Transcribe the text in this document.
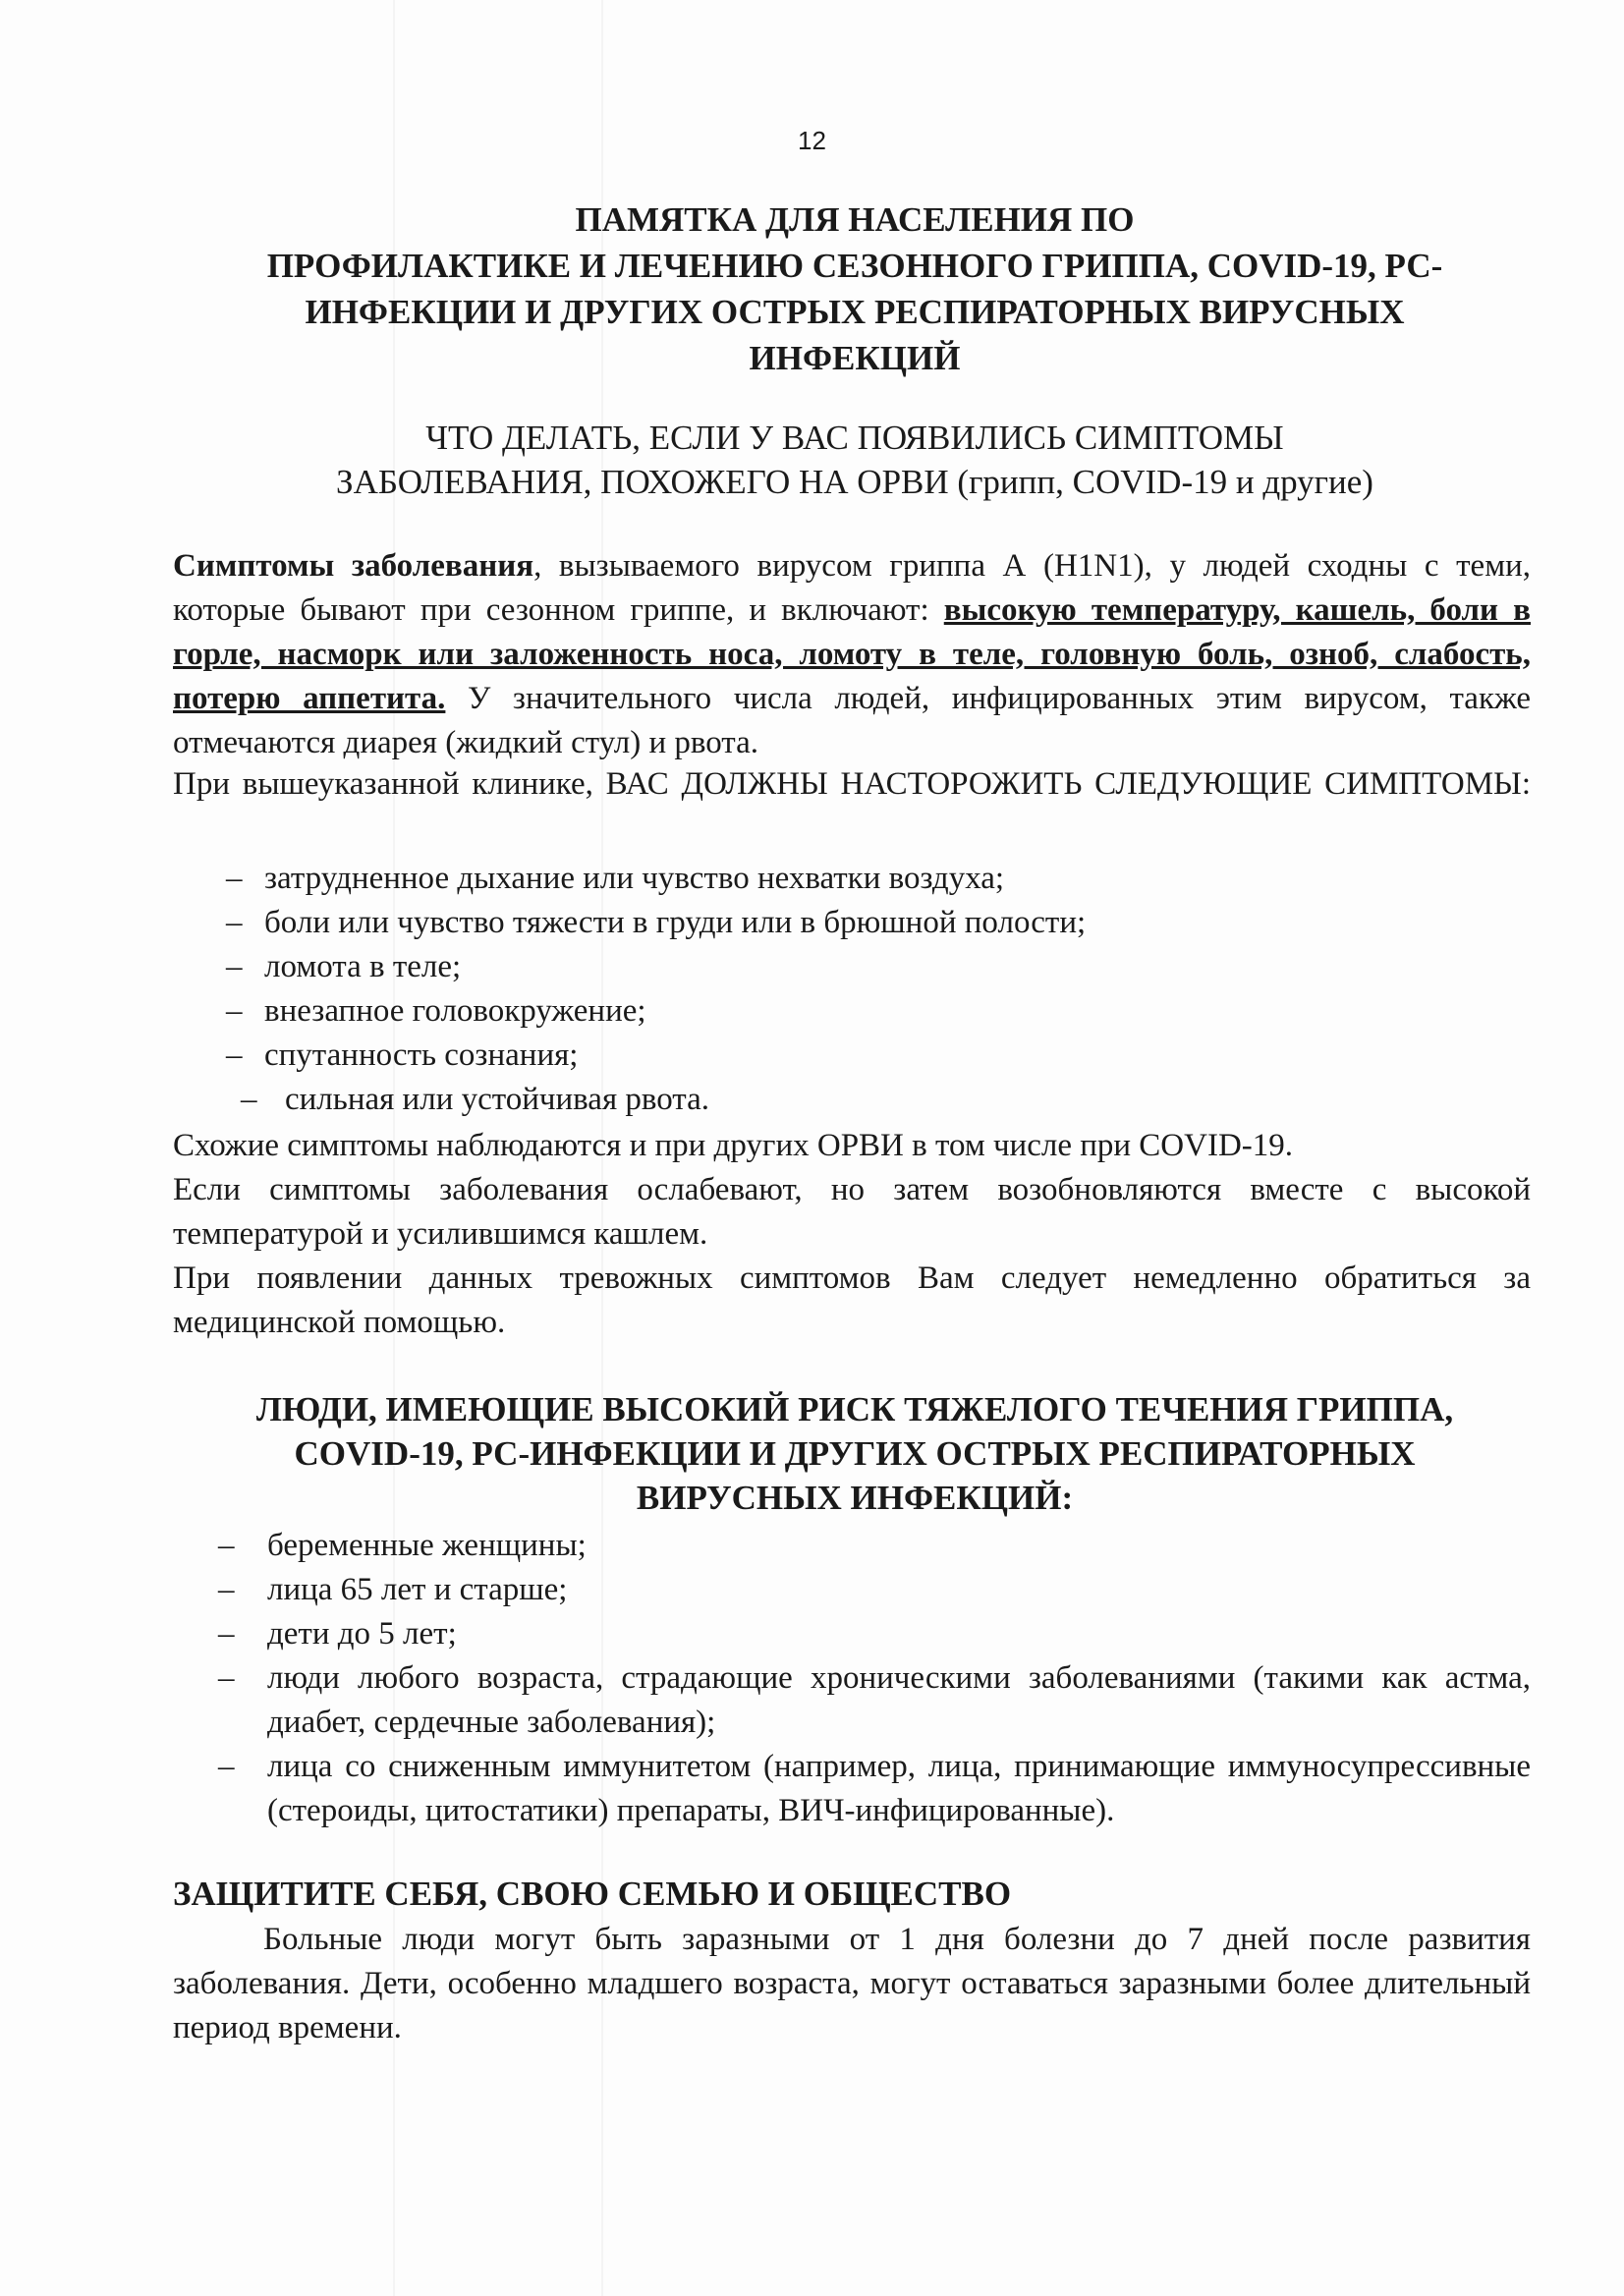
12
ПАМЯТКА ДЛЯ НАСЕЛЕНИЯ ПО
ПРОФИЛАКТИКЕ И ЛЕЧЕНИЮ СЕЗОННОГО ГРИППА, COVID-19, РС-
ИНФЕКЦИИ И ДРУГИХ ОСТРЫХ РЕСПИРАТОРНЫХ ВИРУСНЫХ
ИНФЕКЦИЙ
ЧТО ДЕЛАТЬ, ЕСЛИ У ВАС ПОЯВИЛИСЬ СИМПТОМЫ
ЗАБОЛЕВАНИЯ, ПОХОЖЕГО НА ОРВИ (грипп, COVID-19 и другие)
Симптомы заболевания, вызываемого вирусом гриппа А (H1N1), у людей сходны с теми, которые бывают при сезонном гриппе, и включают: высокую температуру, кашель, боли в горле, насморк или заложенность носа, ломоту в теле, головную боль, озноб, слабость, потерю аппетита. У значительного числа людей, инфицированных этим вирусом, также отмечаются диарея (жидкий стул) и рвота.
При вышеуказанной клинике, ВАС ДОЛЖНЫ НАСТОРОЖИТЬ СЛЕДУЮЩИЕ СИМПТОМЫ:
– затрудненное дыхание или чувство нехватки воздуха;
– боли или чувство тяжести в груди или в брюшной полости;
– ломота в теле;
– внезапное головокружение;
– спутанность сознания;
– сильная или устойчивая рвота.
Схожие симптомы наблюдаются и при других ОРВИ в том числе при COVID-19.
Если симптомы заболевания ослабевают, но затем возобновляются вместе с высокой температурой и усилившимся кашлем.
При появлении данных тревожных симптомов Вам следует немедленно обратиться за медицинской помощью.
ЛЮДИ, ИМЕЮЩИЕ ВЫСОКИЙ РИСК ТЯЖЕЛОГО ТЕЧЕНИЯ ГРИППА,
COVID-19, РС-ИНФЕКЦИИ И ДРУГИХ ОСТРЫХ РЕСПИРАТОРНЫХ
ВИРУСНЫХ ИНФЕКЦИЙ:
– беременные женщины;
– лица 65 лет и старше;
– дети до 5 лет;
– люди любого возраста, страдающие хроническими заболеваниями (такими как астма, диабет, сердечные заболевания);
– лица со сниженным иммунитетом (например, лица, принимающие иммуносупрессивные (стероиды, цитостатики) препараты, ВИЧ-инфицированные).
ЗАЩИТИТЕ СЕБЯ, СВОЮ СЕМЬЮ И ОБЩЕСТВО
Больные люди могут быть заразными от 1 дня болезни до 7 дней после развития заболевания. Дети, особенно младшего возраста, могут оставаться заразными более длительный период времени.
